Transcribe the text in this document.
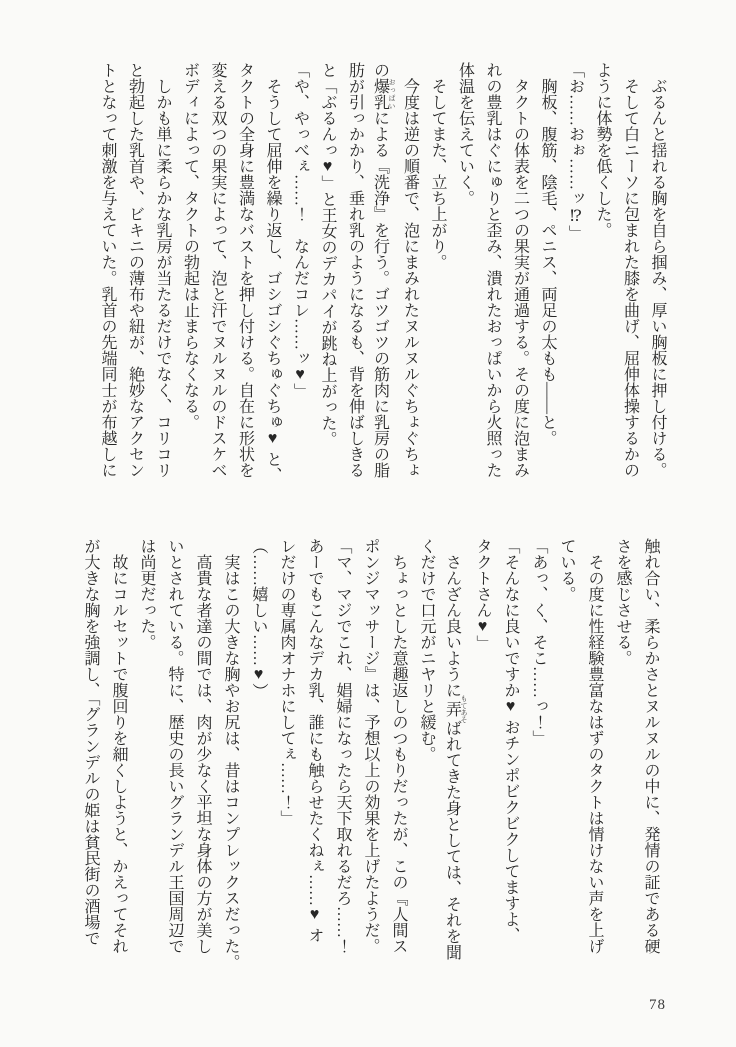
　ぶるんと揺れる胸を自ら掴み、厚い胸板に押し付ける。
　そして白ニーソに包まれた膝を曲げ、屈伸体操するかの
ように体勢を低くした。
「お……おぉ……ッ⁉」
　胸板、腹筋、陰毛、ペニス、両足の太もも――と。
　タクトの体表を二つの果実が通過する。その度に泡まみ
れの豊乳はぐにゅりと歪み、潰れたおっぱいから火照った
体温を伝えていく。
　そしてまた、立ち上がり。
　今度は逆の順番で、泡にまみれたヌルヌルぐちょぐちょ
の爆乳 おっぱいによる『洗浄』を行う。ゴツゴツの筋肉に乳房の脂
肪が引っかかり、垂れ乳のようになるも、背を伸ばしきる
と「ぶるんっ♥」と王女のデカパイが跳ね上がった。
「や、やっべぇ……！　なんだコレ……ッ♥」
　そうして屈伸を繰り返し、ゴシゴシぐちゅぐちゅ♥ と、
タクトの全身に豊満なバストを押し付ける。自在に形状を
変える双つの果実によって、泡と汗でヌルヌルのドスケベ
ボディによって、タクトの勃起は止まらなくなる。
　しかも単に柔らかな乳房が当たるだけでなく、コリコリ
と勃起した乳首や、ビキニの薄布や紐が、絶妙なアクセン
トとなって刺激を与えていた。乳首の先端同士が布越しに
触れ合い、柔らかさとヌルヌルの中に、発情の証である硬
さを感じさせる。
　その度に性経験豊富なはずのタクトは情けない声を上げ
ている。
「あっ、く、そこ……っ！」
「そんなに良いですか♥ おチンポビクビクしてますよ、
タクトさん♥」
　さんざん良いように弄 もてあそばれてきた身としては、それを聞
くだけで口元がニヤリと緩む。
　ちょっとした意趣返しのつもりだったが、この『人間ス
ポンジマッサージ』は、予想以上の効果を上げたようだ。
「マ、マジでこれ、娼婦になったら天下取れるだろ……！
あーでもこんなデカ乳、誰にも触らせたくねぇ……♥ オ
レだけの専属肉オナホにしてぇ……！」
（……嬉しい……♥）
　実はこの大きな胸やお尻は、昔はコンプレックスだった。
　高貴な者達の間では、肉が少なく平坦な身体の方が美し
いとされている。特に、歴史の長いグランデル王国周辺で
は尚更だった。
　故にコルセットで腹回りを細くしようと、かえってそれ
が大きな胸を強調し、「グランデルの姫は貧民街の酒場で
78
